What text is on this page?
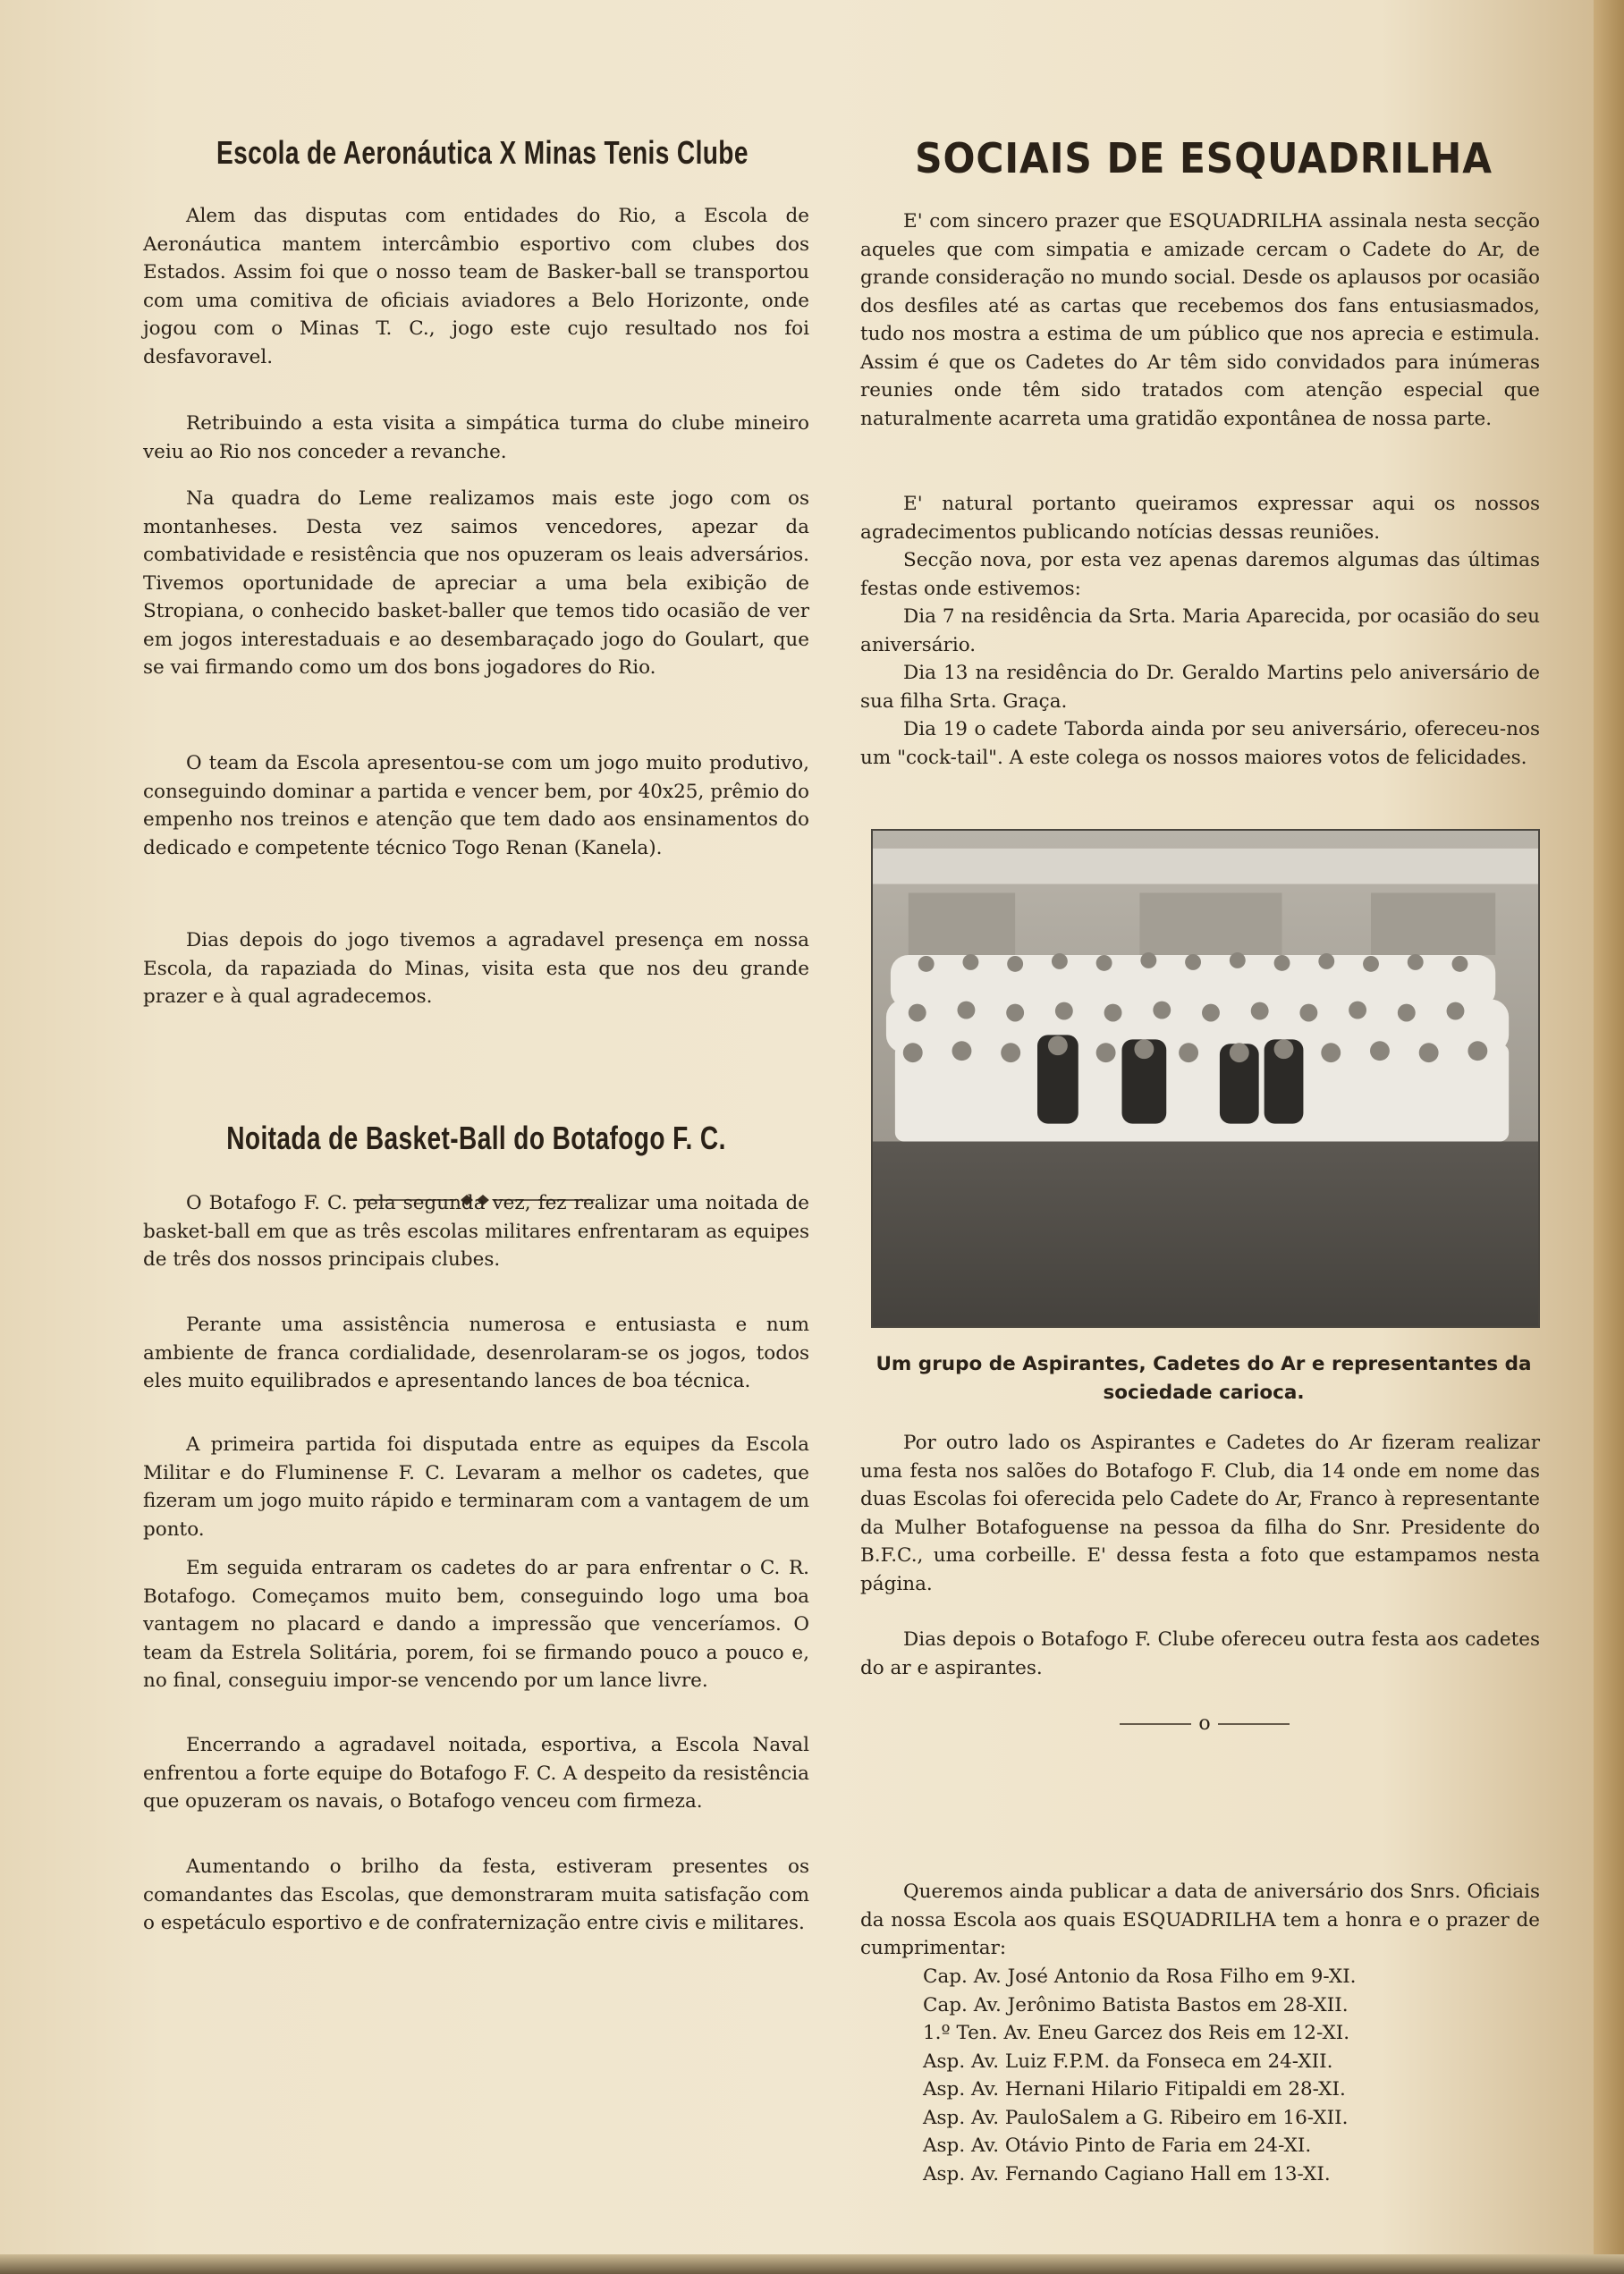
Escola de Aeronáutica X Minas Tenis Clube

Alem das disputas com entidades do Rio, a Escola de Aeronáutica mantem intercâmbio esportivo com clubes dos Estados. Assim foi que o nosso team de Basker-ball se transportou com uma comitiva de oficiais aviadores a Belo Horizonte, onde jogou com o Minas T. C., jogo este cujo resultado nos foi desfavoravel.

Retribuindo a esta visita a simpática turma do clube mineiro veiu ao Rio nos conceder a revanche.

Na quadra do Leme realizamos mais este jogo com os montanheses. Desta vez saimos vencedores, apezar da combatividade e resistência que nos opuzeram os leais adversários. Tivemos oportunidade de apreciar a uma bela exibição de Stropiana, o conhecido basket-baller que temos tido ocasião de ver em jogos interestaduais e ao desembaraçado jogo do Goulart, que se vai firmando como um dos bons jogadores do Rio.

O team da Escola apresentou-se com um jogo muito produtivo, conseguindo dominar a partida e vencer bem, por 40x25, prêmio do empenho nos treinos e atenção que tem dado aos ensinamentos do dedicado e competente técnico Togo Renan (Kanela).

Dias depois do jogo tivemos a agradavel presença em nossa Escola, da rapaziada do Minas, visita esta que nos deu grande prazer e à qual agradecemos.

Noitada de Basket-Ball do Botafogo F. C.

O Botafogo F. C. pela segunda vez, fez realizar uma noitada de basket-ball em que as três escolas militares enfrentaram as equipes de três dos nossos principais clubes.

Perante uma assistência numerosa e entusiasta e num ambiente de franca cordialidade, desenrolaram-se os jogos, todos eles muito equilibrados e apresentando lances de boa técnica.

A primeira partida foi disputada entre as equipes da Escola Militar e do Fluminense F. C. Levaram a melhor os cadetes, que fizeram um jogo muito rápido e terminaram com a vantagem de um ponto.

Em seguida entraram os cadetes do ar para enfrentar o C. R. Botafogo. Começamos muito bem, conseguindo logo uma boa vantagem no placard e dando a impressão que venceríamos. O team da Estrela Solitária, porem, foi se firmando pouco a pouco e, no final, conseguiu impor-se vencendo por um lance livre.

Encerrando a agradavel noitada, esportiva, a Escola Naval enfrentou a forte equipe do Botafogo F. C. A despeito da resistência que opuzeram os navais, o Botafogo venceu com firmeza.

Aumentando o brilho da festa, estiveram presentes os comandantes das Escolas, que demonstraram muita satisfação com o espetáculo esportivo e de confraternização entre civis e militares.

SOCIAIS DE ESQUADRILHA

E' com sincero prazer que ESQUADRILHA assinala nesta secção aqueles que com simpatia e amizade cercam o Cadete do Ar, de grande consideração no mundo social. Desde os aplausos por ocasião dos desfiles até as cartas que recebemos dos fans entusiasmados, tudo nos mostra a estima de um público que nos aprecia e estimula. Assim é que os Cadetes do Ar têm sido convidados para inúmeras reunies onde têm sido tratados com atenção especial que naturalmente acarreta uma gratidão expontânea de nossa parte.

E' natural portanto queiramos expressar aqui os nossos agradecimentos publicando notícias dessas reuniões.

Secção nova, por esta vez apenas daremos algumas das últimas festas onde estivemos:

Dia 7 na residência da Srta. Maria Aparecida, por ocasião do seu aniversário.

Dia 13 na residência do Dr. Geraldo Martins pelo aniversário de sua filha Srta. Graça.

Dia 19 o cadete Taborda ainda por seu aniversário, ofereceu-nos um "cock-tail". A este colega os nossos maiores votos de felicidades.

Um grupo de Aspirantes, Cadetes do Ar e representantes da sociedade carioca.

Por outro lado os Aspirantes e Cadetes do Ar fizeram realizar uma festa nos salões do Botafogo F. Club, dia 14 onde em nome das duas Escolas foi oferecida pelo Cadete do Ar, Franco à representante da Mulher Botafoguense na pessoa da filha do Snr. Presidente do B.F.C., uma corbeille. E' dessa festa a foto que estampamos nesta página.

Dias depois o Botafogo F. Clube ofereceu outra festa aos cadetes do ar e aspirantes.

o

Queremos ainda publicar a data de aniversário dos Snrs. Oficiais da nossa Escola aos quais ESQUADRILHA tem a honra e o prazer de cumprimentar:

Cap. Av. José Antonio da Rosa Filho em 9-XI.
Cap. Av. Jerônimo Batista Bastos em 28-XII.
1.º Ten. Av. Eneu Garcez dos Reis em 12-XI.
Asp. Av. Luiz F.P.M. da Fonseca em 24-XII.
Asp. Av. Hernani Hilario Fitipaldi em 28-XI.
Asp. Av. PauloSalem a G. Ribeiro em 16-XII.
Asp. Av. Otávio Pinto de Faria em 24-XI.
Asp. Av. Fernando Cagiano Hall em 13-XI.
